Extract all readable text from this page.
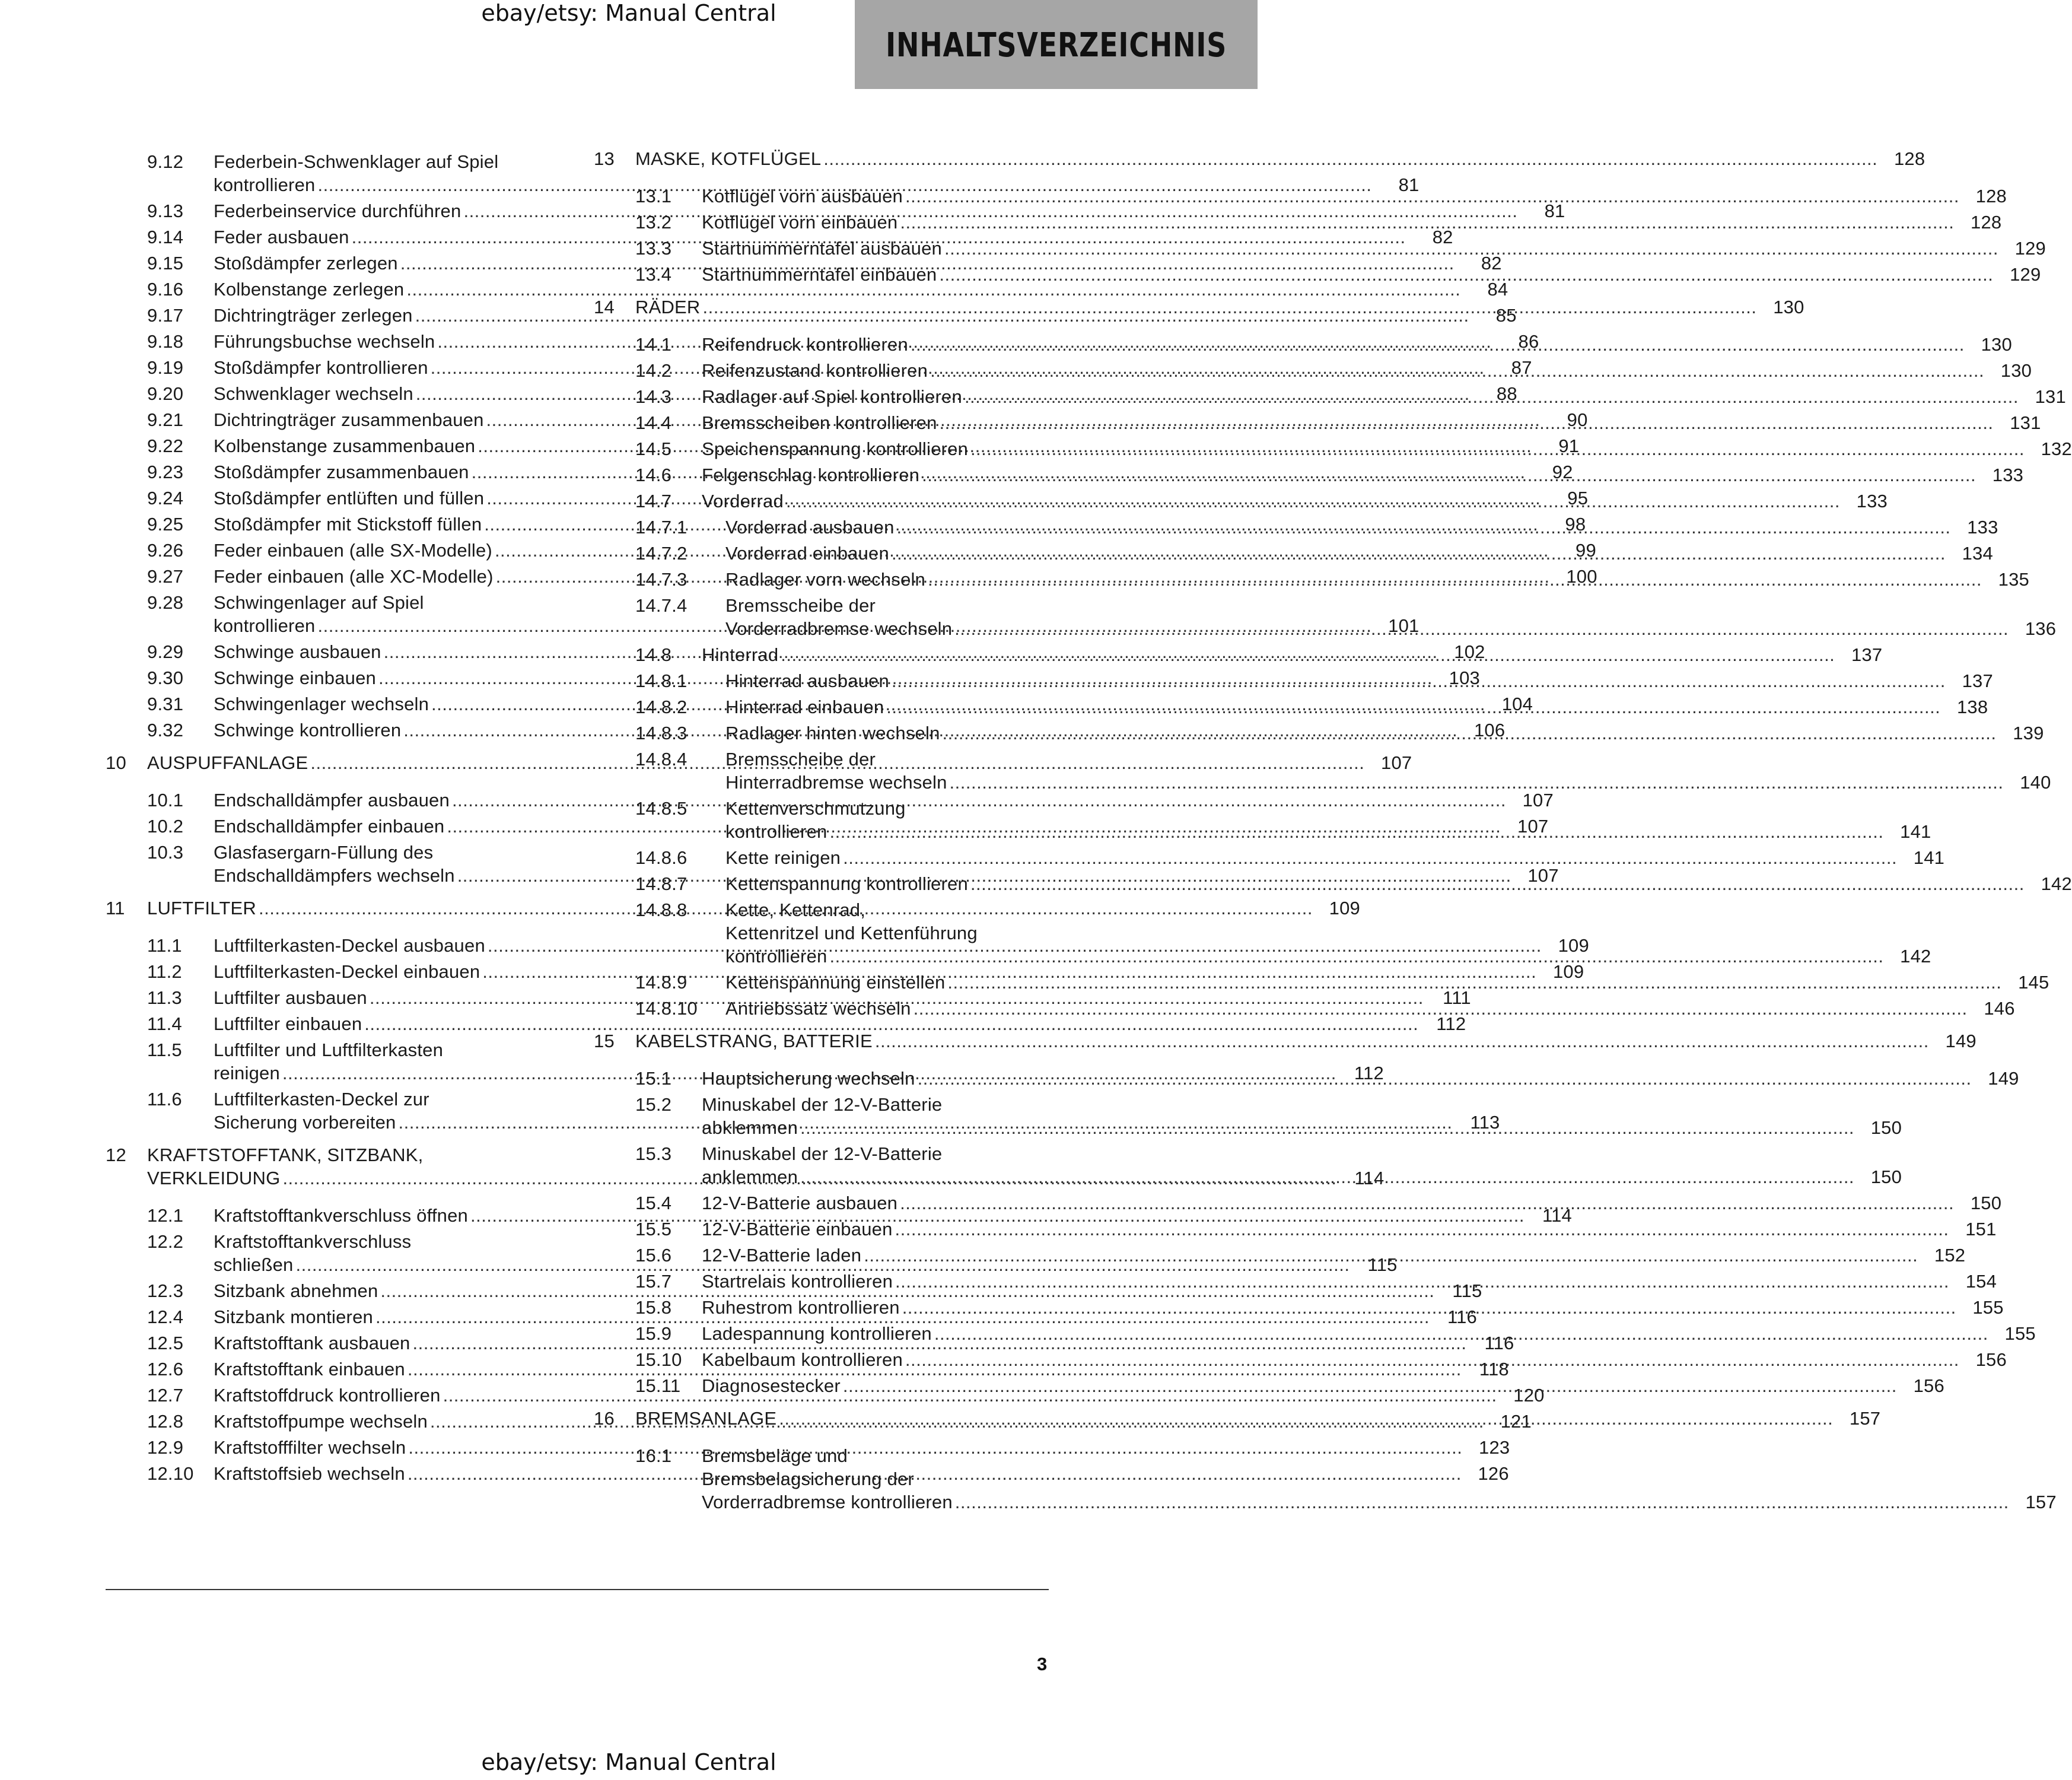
ebay/etsy: Manual Central
INHALTSVERZEICHNIS
9.12	Federbein-Schwenklager auf Spiel
kontrollieren .....	81
9.13	Federbeinservice durchführen .....	81
9.14	Feder ausbauen .....	82
9.15	Stoßdämpfer zerlegen .....	82
9.16	Kolbenstange zerlegen .....	84
9.17	Dichtringträger zerlegen .....	85
9.18	Führungsbuchse wechseln .....	86
9.19	Stoßdämpfer kontrollieren .....	87
9.20	Schwenklager wechseln .....	88
9.21	Dichtringträger zusammenbauen .....	90
9.22	Kolbenstange zusammenbauen .....	91
9.23	Stoßdämpfer zusammenbauen .....	92
9.24	Stoßdämpfer entlüften und füllen .....	95
9.25	Stoßdämpfer mit Stickstoff füllen .....	98
9.26	Feder einbauen (alle SX-Modelle) .....	99
9.27	Feder einbauen (alle XC-Modelle) .....	100
9.28	Schwingenlager auf Spiel
kontrollieren .....	101
9.29	Schwinge ausbauen .....	102
9.30	Schwinge einbauen .....	103
9.31	Schwingenlager wechseln .....	104
9.32	Schwinge kontrollieren .....	106
10	AUSPUFFANLAGE .....	107
10.1	Endschalldämpfer ausbauen .....	107
10.2	Endschalldämpfer einbauen .....	107
10.3	Glasfasergarn-Füllung des
Endschalldämpfers wechseln .....	107
11	LUFTFILTER .....	109
11.1	Luftfilterkasten-Deckel ausbauen .....	109
11.2	Luftfilterkasten-Deckel einbauen .....	109
11.3	Luftfilter ausbauen .....	111
11.4	Luftfilter einbauen .....	112
11.5	Luftfilter und Luftfilterkasten
reinigen .....	112
11.6	Luftfilterkasten-Deckel zur
Sicherung vorbereiten .....	113
12	KRAFTSTOFFTANK, SITZBANK,
VERKLEIDUNG .....	114
12.1	Kraftstofftankverschluss öffnen .....	114
12.2	Kraftstofftankverschluss
schließen .....	115
12.3	Sitzbank abnehmen .....	115
12.4	Sitzbank montieren .....	116
12.5	Kraftstofftank ausbauen .....	116
12.6	Kraftstofftank einbauen .....	118
12.7	Kraftstoffdruck kontrollieren .....	120
12.8	Kraftstoffpumpe wechseln .....	121
12.9	Kraftstofffilter wechseln .....	123
12.10	Kraftstoffsieb wechseln .....	126
13	MASKE, KOTFLÜGEL .....	128
13.1	Kotflügel vorn ausbauen .....	128
13.2	Kotflügel vorn einbauen .....	128
13.3	Startnummerntafel ausbauen .....	129
13.4	Startnummerntafel einbauen .....	129
14	RÄDER .....	130
14.1	Reifendruck kontrollieren .....	130
14.2	Reifenzustand kontrollieren .....	130
14.3	Radlager auf Spiel kontrollieren .....	131
14.4	Bremsscheiben kontrollieren .....	131
14.5	Speichenspannung kontrollieren .....	132
14.6	Felgenschlag kontrollieren .....	133
14.7	Vorderrad .....	133
14.7.1	Vorderrad ausbauen .....	133
14.7.2	Vorderrad einbauen .....	134
14.7.3	Radlager vorn wechseln .....	135
14.7.4	Bremsscheibe der
Vorderradbremse wechseln .....	136
14.8	Hinterrad .....	137
14.8.1	Hinterrad ausbauen .....	137
14.8.2	Hinterrad einbauen .....	138
14.8.3	Radlager hinten wechseln .....	139
14.8.4	Bremsscheibe der
Hinterradbremse wechseln .....	140
14.8.5	Kettenverschmutzung
kontrollieren .....	141
14.8.6	Kette reinigen .....	141
14.8.7	Kettenspannung kontrollieren .....	142
14.8.8	Kette, Kettenrad,
Kettenritzel und Kettenführung
kontrollieren .....	142
14.8.9	Kettenspannung einstellen .....	145
14.8.10	Antriebssatz wechseln .....	146
15	KABELSTRANG, BATTERIE .....	149
15.1	Hauptsicherung wechseln .....	149
15.2	Minuskabel der 12-V-Batterie
abklemmen .....	150
15.3	Minuskabel der 12-V-Batterie
anklemmen .....	150
15.4	12-V-Batterie ausbauen .....	150
15.5	12-V-Batterie einbauen .....	151
15.6	12-V-Batterie laden .....	152
15.7	Startrelais kontrollieren .....	154
15.8	Ruhestrom kontrollieren .....	155
15.9	Ladespannung kontrollieren .....	155
15.10	Kabelbaum kontrollieren .....	156
15.11	Diagnosestecker .....	156
16	BREMSANLAGE .....	157
16.1	Bremsbeläge und
Bremsbelagsicherung der
Vorderradbremse kontrollieren .....	157
3
ebay/etsy: Manual Central
